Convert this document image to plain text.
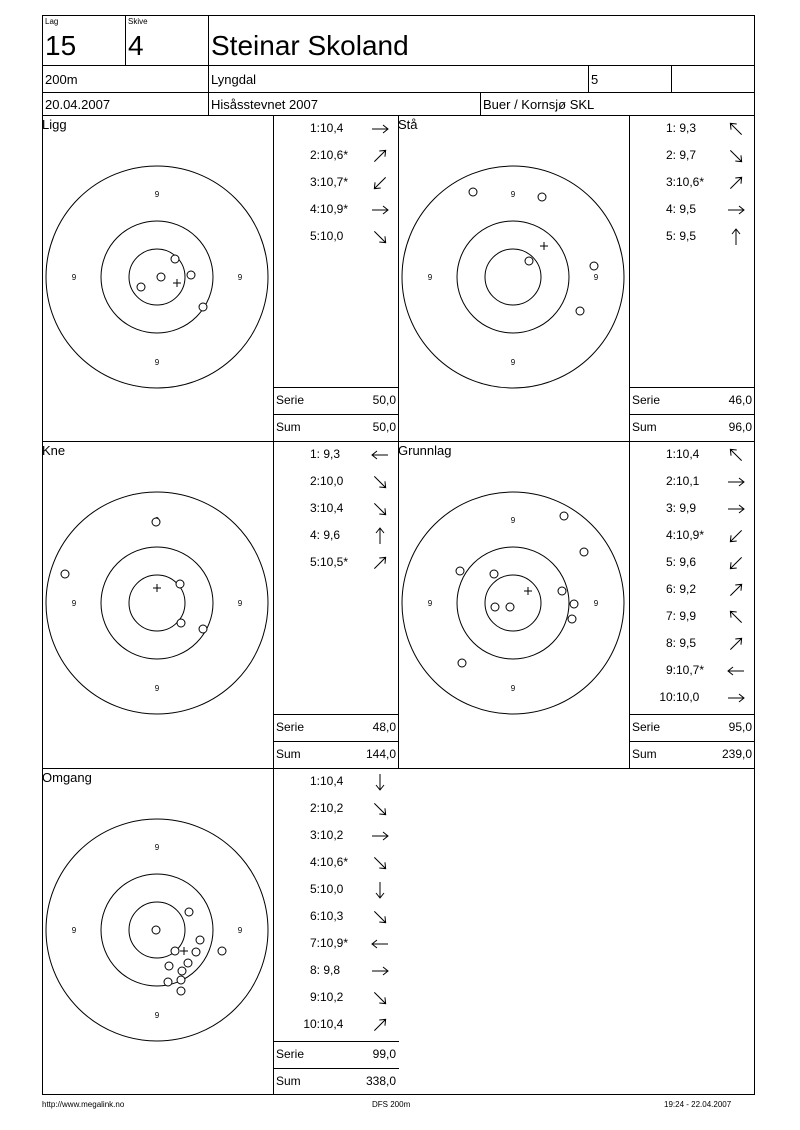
Lag
15
Skive
4 Steinar Skoland
200m	Lyngdal	5
20.04.2007	Hisåsstevnet 2007	Buer / Kornsjø SKL
Ligg
9
9
9	9
1: 10,4
2: 10,6*
3: 10,7*
4: 10,9*
5: 10,0
Serie	50,0
Sum	50,0
Stå
9
9
9	9
1: 9,3
2: 9,7
3: 10,6*
4: 9,5
5: 9,5
Serie	46,0
Sum	96,0
Kne
9
9	9
1: 9,3
2: 10,0
3: 10,4
4: 9,6
5: 10,5*
Serie	48,0
Sum	144,0
Grunnlag
9
9
9	9
1: 10,4
2: 10,1
3: 9,9
4: 10,9*
5: 9,6
6: 9,2
7: 9,9
8: 9,5
9: 10,7*
10: 10,0
Serie	95,0
Sum	239,0
Omgang
9
9
9	9
1: 10,4
2: 10,2
3: 10,2
4: 10,6*
5: 10,0
6: 10,3
7: 10,9*
8: 9,8
9: 10,2
10: 10,4
Serie	99,0
Sum	338,0
http://www.megalink.no	DFS 200m	19:24 - 22.04.2007
